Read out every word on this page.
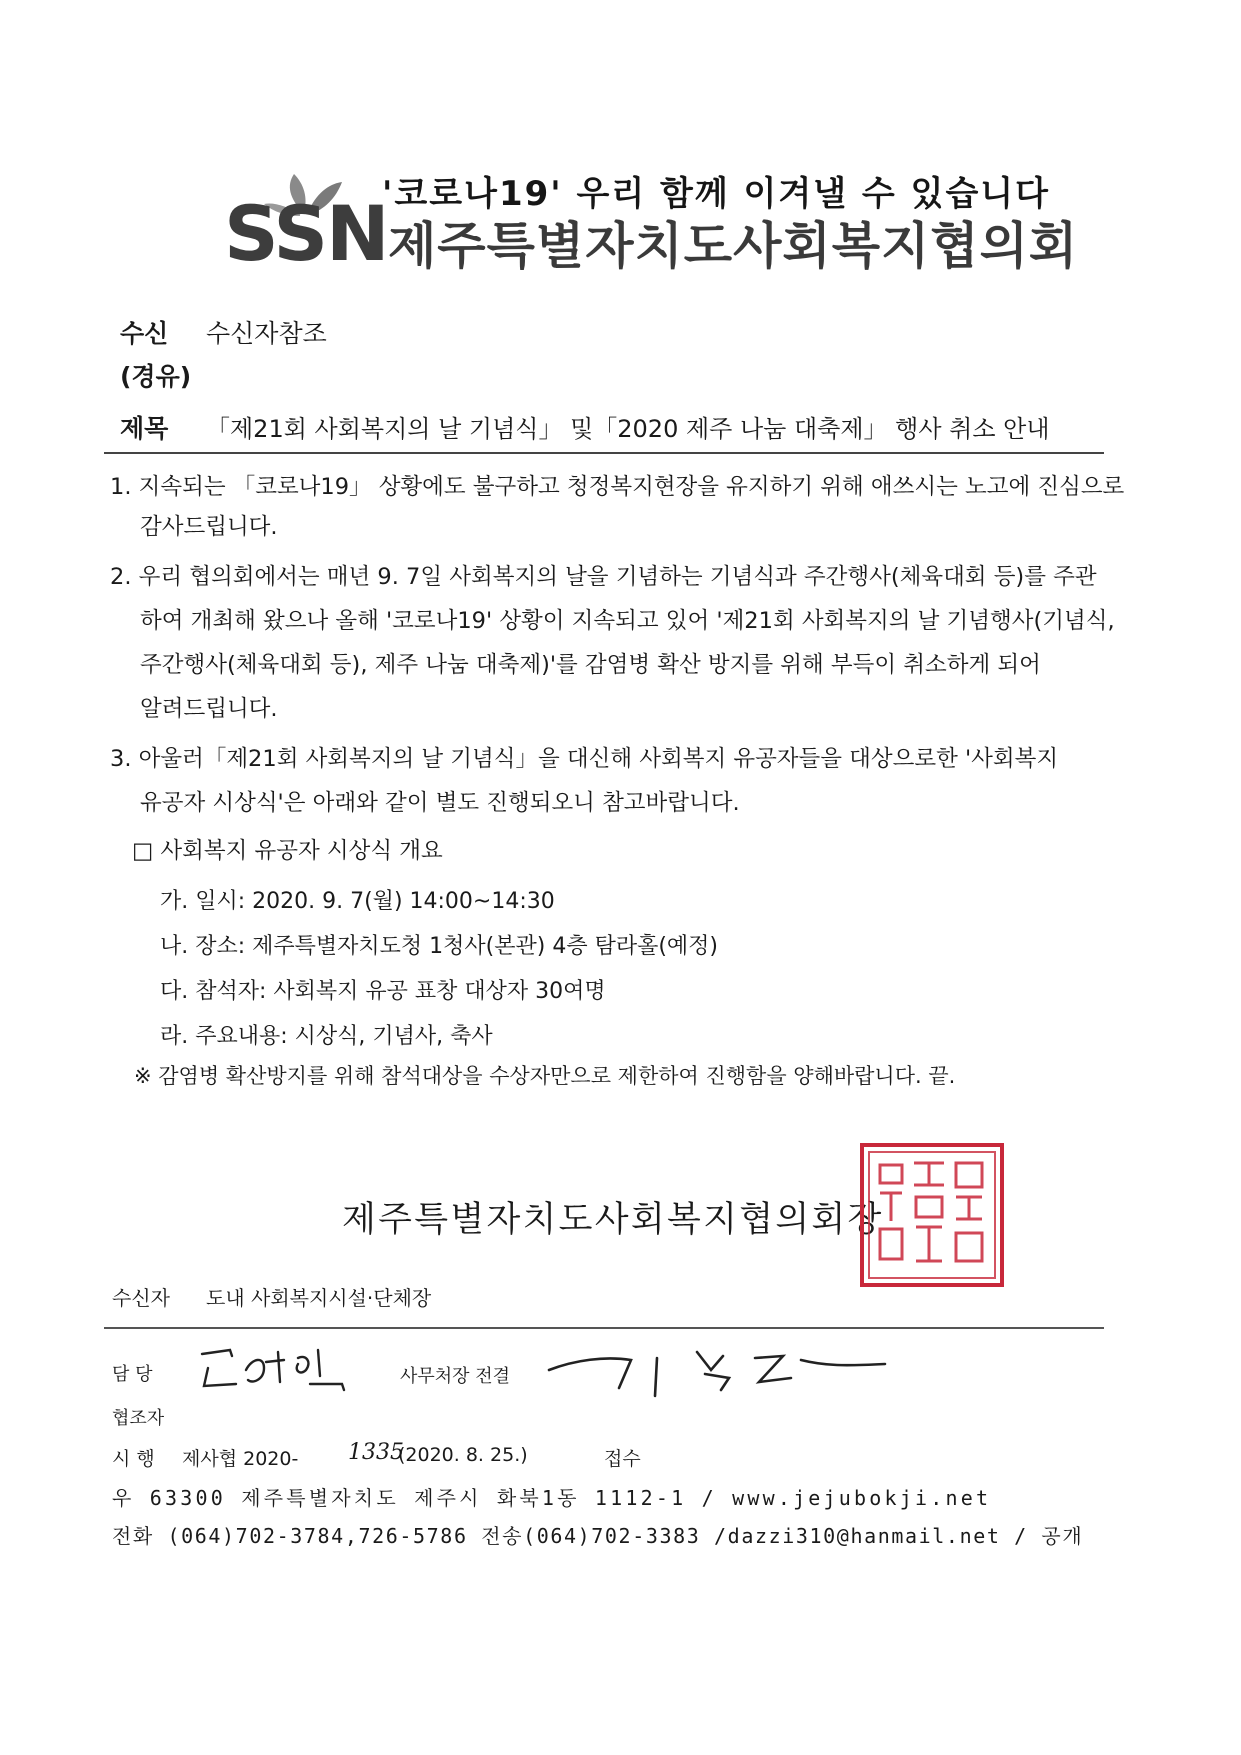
'코로나19' 우리 함께 이겨낼 수 있습니다
SSN 제주특별자치도사회복지협의회
수신 수신자참조
(경유)
제목 「제21회 사회복지의 날 기념식」 및「2020 제주 나눔 대축제」 행사 취소 안내
1. 지속되는 「코로나19」 상황에도 불구하고 청정복지현장을 유지하기 위해 애쓰시는 노고에 진심으로
감사드립니다.
2. 우리 협의회에서는 매년 9. 7일 사회복지의 날을 기념하는 기념식과 주간행사(체육대회 등)를 주관
하여 개최해 왔으나 올해 '코로나19' 상황이 지속되고 있어 '제21회 사회복지의 날 기념행사(기념식,
주간행사(체육대회 등), 제주 나눔 대축제)'를 감염병 확산 방지를 위해 부득이 취소하게 되어
알려드립니다.
3. 아울러「제21회 사회복지의 날 기념식」을 대신해 사회복지 유공자들을 대상으로한 '사회복지
유공자 시상식'은 아래와 같이 별도 진행되오니 참고바랍니다.
□ 사회복지 유공자 시상식 개요
가. 일시: 2020. 9. 7(월) 14:00~14:30
나. 장소: 제주특별자치도청 1청사(본관) 4층 탐라홀(예정)
다. 참석자: 사회복지 유공 표창 대상자 30여명
라. 주요내용: 시상식, 기념사, 축사
※ 감염병 확산방지를 위해 참석대상을 수상자만으로 제한하여 진행함을 양해바랍니다. 끝.
제주특별자치도사회복지협의회장
수신자 도내 사회복지시설·단체장
담 당
고성민
사무처장 전결
김성기
협조자
시 행 제사협 2020- 1335
(2020. 8. 25.)	접수
우 63300 제주특별자치도 제주시 화북1동 1112-1 / www.jejubokji.net
전화 (064)702-3784,726-5786 전송(064)702-3383 /dazzi310@hanmail.net / 공개
